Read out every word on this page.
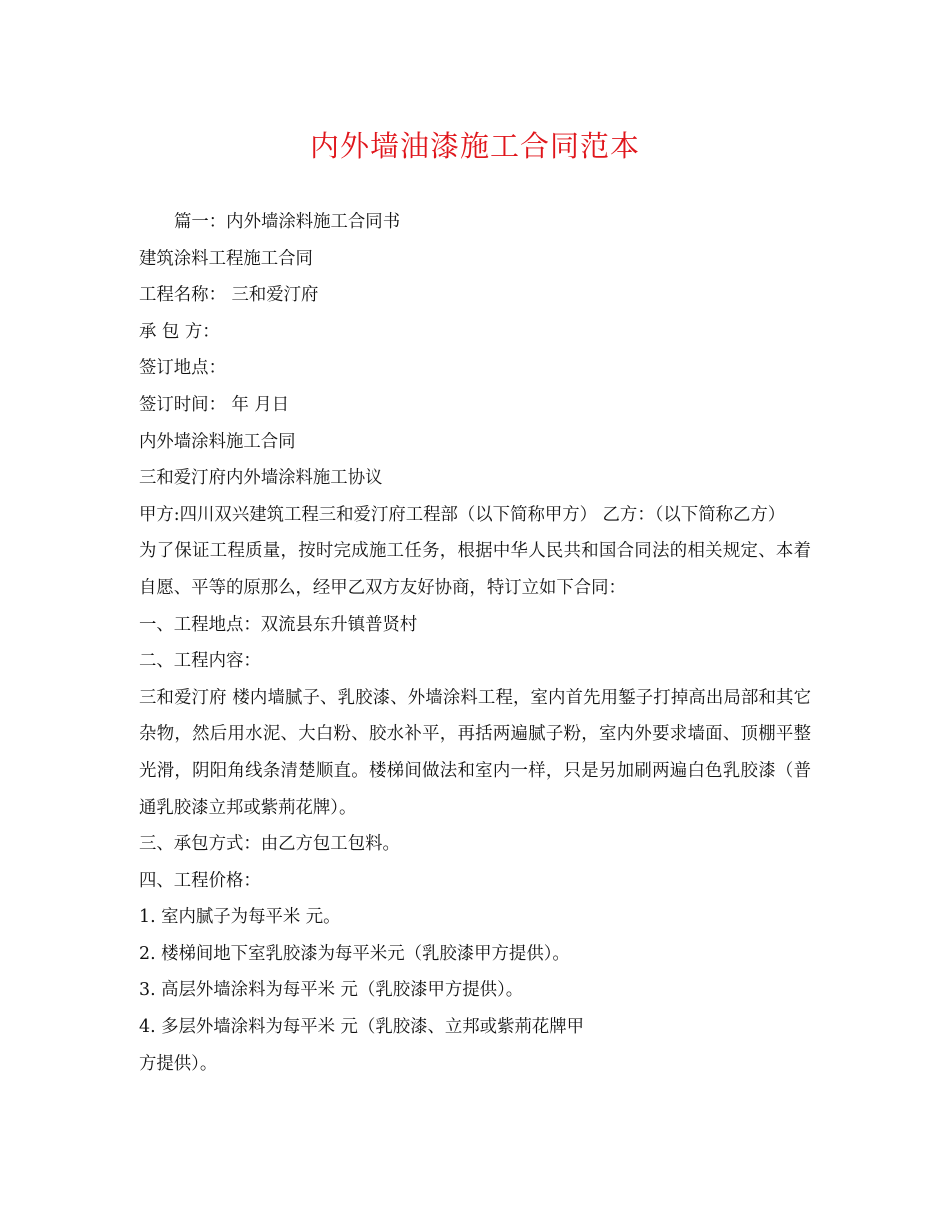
内外墙油漆施工合同范本

篇一：内外墙涂料施工合同书

建筑涂料工程施工合同

工程名称： 三和爱汀府

承 包 方：

签订地点：

签订时间： 年 月日

内外墙涂料施工合同

三和爱汀府内外墙涂料施工协议

甲方:四川双兴建筑工程三和爱汀府工程部（以下简称甲方） 乙方：（以下简称乙方）

为了保证工程质量，按时完成施工任务，根据中华人民共和国合同法的相关规定、本着自愿、平等的原那么，经甲乙双方友好协商，特订立如下合同：

一、工程地点：双流县东升镇普贤村

二、工程内容：

三和爱汀府 楼内墙腻子、乳胶漆、外墙涂料工程，室内首先用錾子打掉高出局部和其它杂物，然后用水泥、大白粉、胶水补平，再括两遍腻子粉，室内外要求墙面、顶棚平整光滑，阴阳角线条清楚顺直。楼梯间做法和室内一样，只是另加刷两遍白色乳胶漆（普通乳胶漆立邦或紫荊花牌）。

三、承包方式：由乙方包工包料。

四、工程价格：

1. 室内腻子为每平米 元。

2. 楼梯间地下室乳胶漆为每平米元（乳胶漆甲方提供）。

3. 高层外墙涂料为每平米 元（乳胶漆甲方提供）。

4. 多层外墙涂料为每平米 元（乳胶漆、立邦或紫荊花牌甲

方提供）。
